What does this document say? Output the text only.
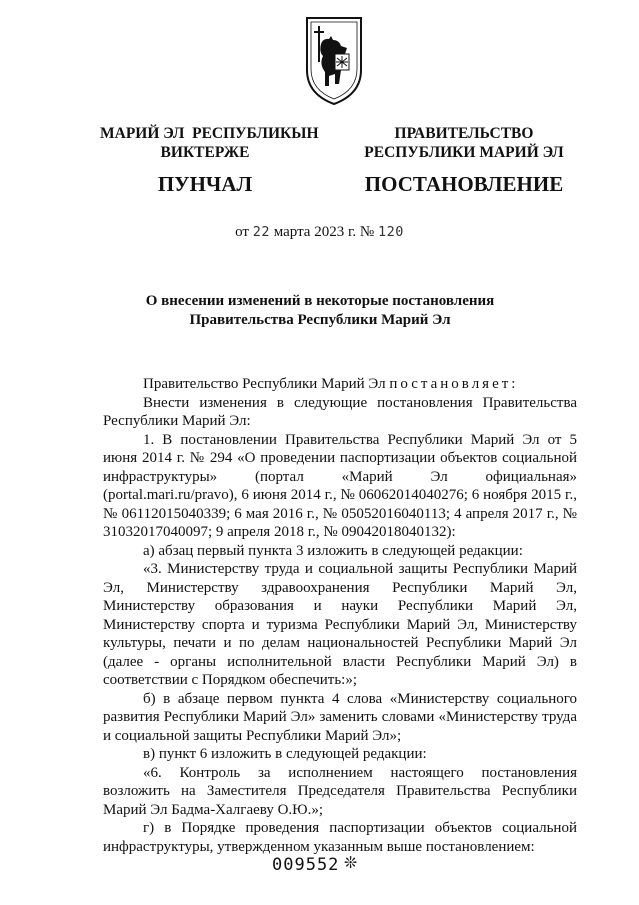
МАРИЙ ЭЛ  РЕСПУБЛИКЫН
ВИКТЕРЖЕ
ПРАВИТЕЛЬСТВО
РЕСПУБЛИКИ МАРИЙ ЭЛ
ПУНЧАЛ	ПОСТАНОВЛЕНИЕ
от 22 марта 2023 г. № 120
О внесении изменений в некоторые постановления
Правительства Республики Марий Эл

Правительство Республики Марий Эл постановляет:

Внести изменения в следующие постановления Правительства Республики Марий Эл:

1. В постановлении Правительства Республики Марий Эл от 5 июня 2014 г. № 294 «О проведении паспортизации объектов социальной инфраструктуры» (портал «Марий Эл официальная» (portal.mari.ru/pravo), 6 июня 2014 г., № 06062014040276; 6 ноября 2015 г., № 06112015040339; 6 мая 2016 г., № 05052016040113; 4 апреля 2017 г., № 31032017040097; 9 апреля 2018 г., № 09042018040132):

а) абзац первый пункта 3 изложить в следующей редакции:

«3. Министерству труда и социальной защиты Республики Марий Эл, Министерству здравоохранения Республики Марий Эл, Министерству образования и науки Республики Марий Эл, Министерству спорта и туризма Республики Марий Эл, Министерству культуры, печати и по делам национальностей Республики Марий Эл (далее - органы исполнительной власти Республики Марий Эл) в соответствии с Порядком обеспечить:»;

б) в абзаце первом пункта 4 слова «Министерству социального развития Республики Марий Эл» заменить словами «Министерству труда и социальной защиты Республики Марий Эл»;

в) пункт 6 изложить в следующей редакции:

«6. Контроль за исполнением настоящего постановления возложить на Заместителя Председателя Правительства Республики Марий Эл Бадма-Халгаеву О.Ю.»;

г) в Порядке проведения паспортизации объектов социальной инфраструктуры, утвержденном указанным выше постановлением:

009552 ❊
